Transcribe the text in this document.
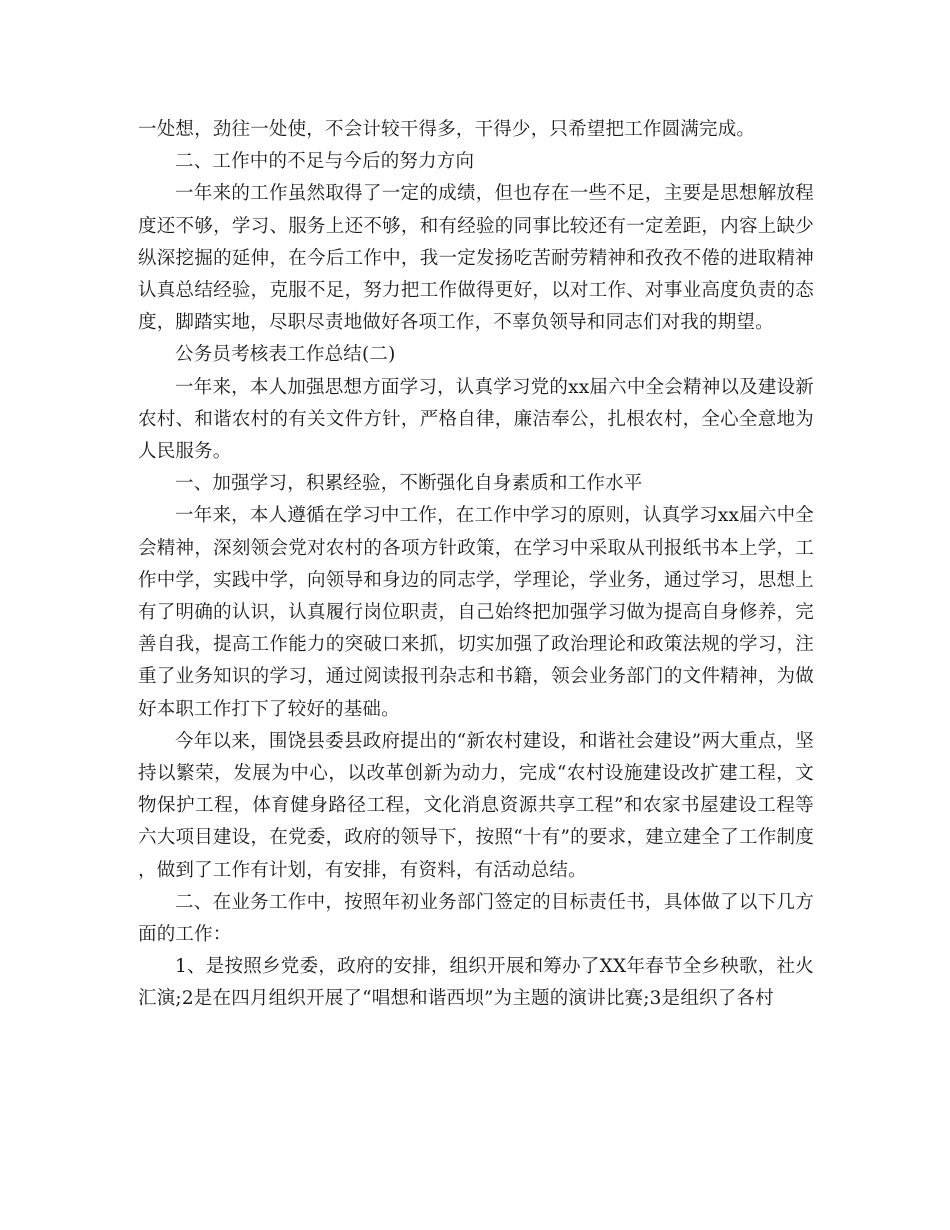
一处想，劲往一处使，不会计较干得多，干得少，只希望把工作圆满完成。

二、工作中的不足与今后的努力方向

一年来的工作虽然取得了一定的成绩，但也存在一些不足，主要是思想解放程度还不够，学习、服务上还不够，和有经验的同事比较还有一定差距，内容上缺少纵深挖掘的延伸，在今后工作中，我一定发扬吃苦耐劳精神和孜孜不倦的进取精神认真总结经验，克服不足，努力把工作做得更好，以对工作、对事业高度负责的态度，脚踏实地，尽职尽责地做好各项工作，不辜负领导和同志们对我的期望。

公务员考核表工作总结(二)

一年来，本人加强思想方面学习，认真学习党的xx届六中全会精神以及建设新农村、和谐农村的有关文件方针，严格自律，廉洁奉公，扎根农村，全心全意地为人民服务。

一、加强学习，积累经验，不断强化自身素质和工作水平

一年来，本人遵循在学习中工作，在工作中学习的原则，认真学习xx届六中全会精神，深刻领会党对农村的各项方针政策，在学习中采取从刊报纸书本上学，工作中学，实践中学，向领导和身边的同志学，学理论，学业务，通过学习，思想上有了明确的认识，认真履行岗位职责，自己始终把加强学习做为提高自身修养，完善自我，提高工作能力的突破口来抓，切实加强了政治理论和政策法规的学习，注重了业务知识的学习，通过阅读报刊杂志和书籍，领会业务部门的文件精神，为做好本职工作打下了较好的基础。

今年以来，围饶县委县政府提出的“新农村建设，和谐社会建设”两大重点，坚持以繁荣，发展为中心，以改革创新为动力，完成“农村设施建设改扩建工程，文物保护工程，体育健身路径工程，文化消息资源共享工程”和农家书屋建设工程等六大项目建设，在党委，政府的领导下，按照“十有”的要求，建立建全了工作制度，做到了工作有计划，有安排，有资料，有活动总结。

二、在业务工作中，按照年初业务部门签定的目标责任书，具体做了以下几方面的工作：

1、是按照乡党委，政府的安排，组织开展和筹办了XX年春节全乡秧歌，社火汇演;2是在四月组织开展了“唱想和谐西坝”为主题的演讲比赛;3是组织了各村
